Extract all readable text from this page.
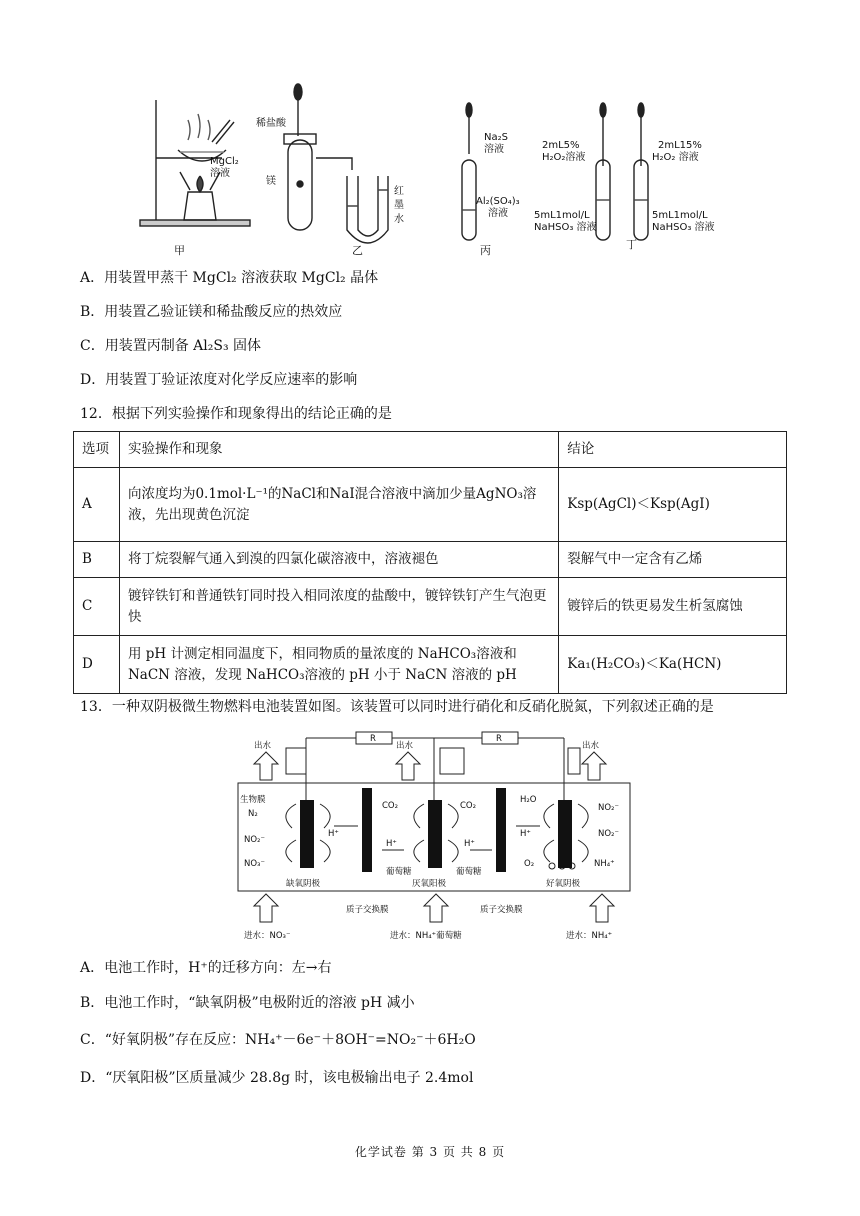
MgCl₂
溶液
稀盐酸
镁
红
墨
水
Na₂S
溶液
Al₂(SO₄)₃
溶液
2mL5%
H₂O₂溶液
2mL15%
H₂O₂ 溶液
5mL1mol/L
NaHSO₃ 溶液
5mL1mol/L
NaHSO₃ 溶液
甲	乙	丙	丁
A．用装置甲蒸干 MgCl₂ 溶液获取 MgCl₂ 晶体
B．用装置乙验证镁和稀盐酸反应的热效应
C．用装置丙制备 Al₂S₃ 固体
D．用装置丁验证浓度对化学反应速率的影响
12．根据下列实验操作和现象得出的结论正确的是
选项	实验操作和现象	结论
A	向浓度均为0.1mol·L⁻¹的NaCl和NaI混合溶液中滴加少量AgNO₃溶液，先出现黄色沉淀	Ksp(AgCl)＜Ksp(AgI)
B	将丁烷裂解气通入到溴的四氯化碳溶液中，溶液褪色	裂解气中一定含有乙烯
C	镀锌铁钉和普通铁钉同时投入相同浓度的盐酸中，镀锌铁钉产生气泡更快	镀锌后的铁更易发生析氢腐蚀
D	用 pH 计测定相同温度下，相同物质的量浓度的 NaHCO₃溶液和 NaCN 溶液，发现 NaHCO₃溶液的 pH 小于 NaCN 溶液的 pH	Ka₁(H₂CO₃)＜Ka(HCN)
13．一种双阴极微生物燃料电池装置如图。该装置可以同时进行硝化和反硝化脱氮，下列叙述正确的是
R	R
出水	出水	出水
生物膜
N₂
NO₂⁻
NO₃⁻
H⁺
CO₂
H⁺
CO₂
H⁺
葡萄糖	葡萄糖
H₂O
H⁺
O₂
NO₂⁻
NO₂⁻
NH₄⁺
缺氧阴极	厌氧阳极	好氧阴极
质子交换膜	质子交换膜
进水：NO₃⁻	进水：NH₄⁺葡萄糖	进水：NH₄⁺
A．电池工作时，H⁺的迁移方向：左→右
B．电池工作时，“缺氧阴极”电极附近的溶液 pH 减小
C．“好氧阴极”存在反应：NH₄⁺－6e⁻＋8OH⁻=NO₂⁻＋6H₂O
D．“厌氧阳极”区质量减少 28.8g 时，该电极输出电子 2.4mol
化学试卷 第 3 页 共 8 页
